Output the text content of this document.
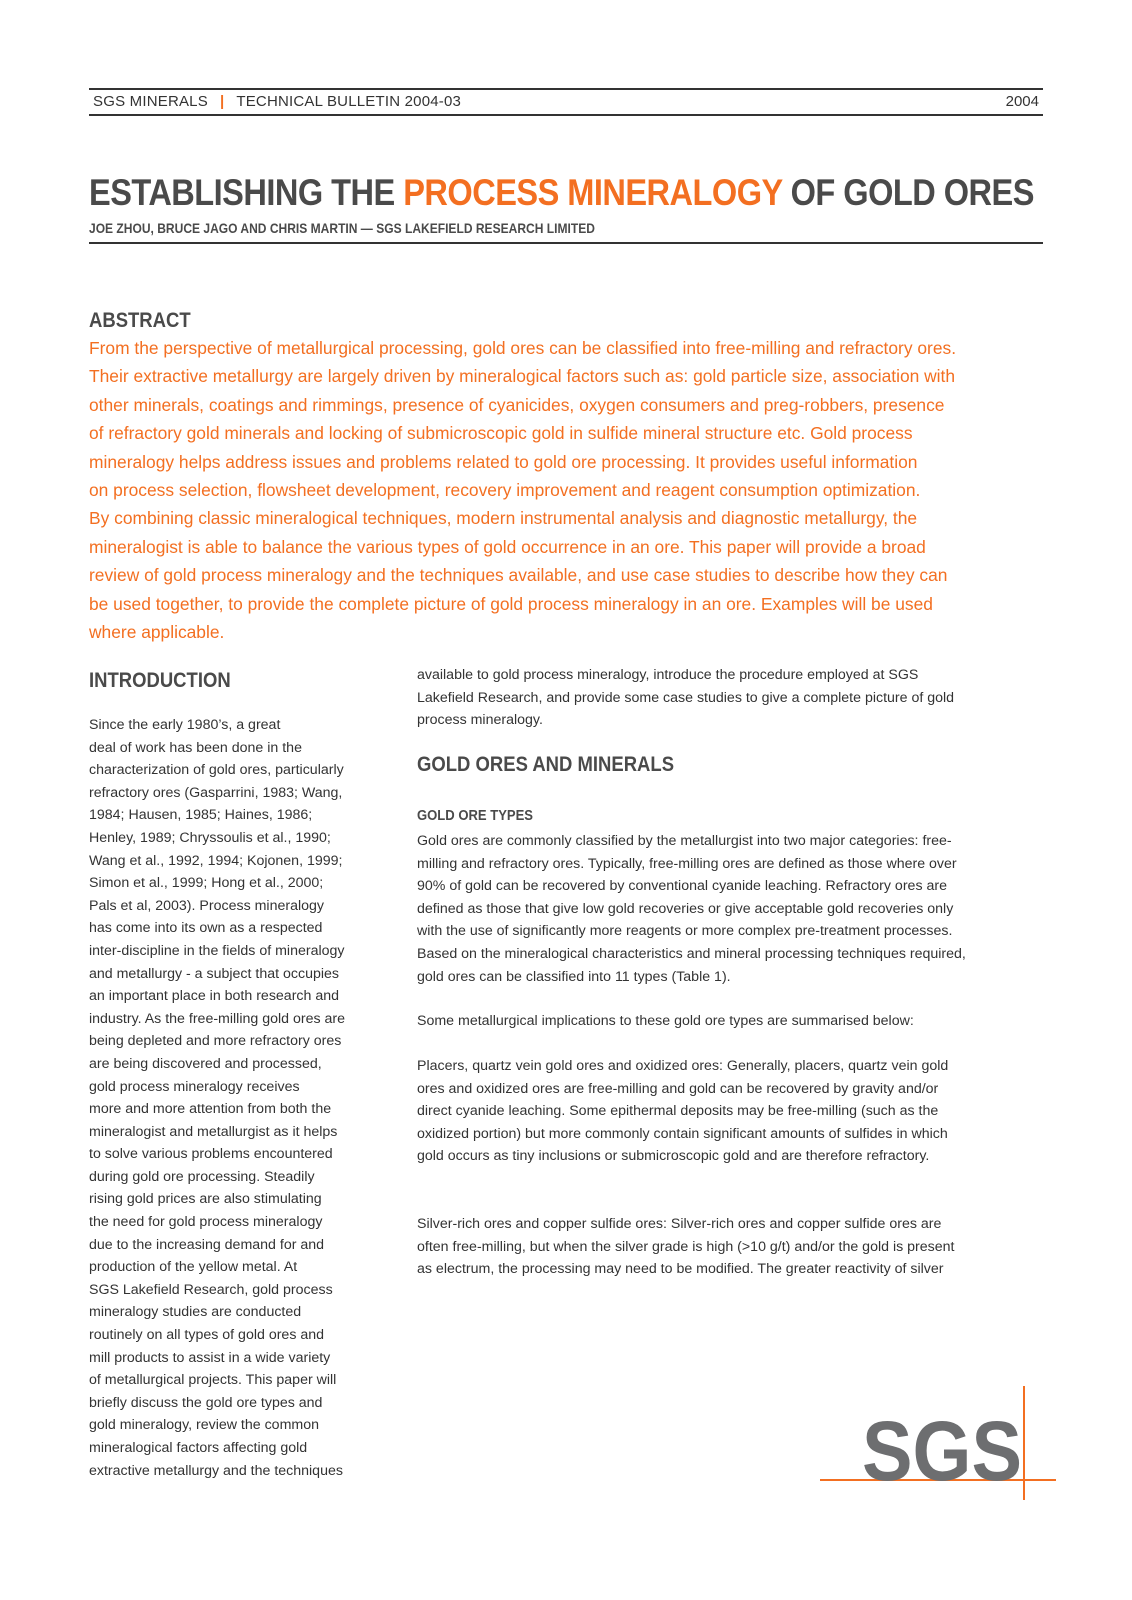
SGS MINERALS | TECHNICAL BULLETIN 2004-03	2004
ESTABLISHING THE PROCESS MINERALOGY OF GOLD ORES
JOE ZHOU, BRUCE JAGO AND CHRIS MARTIN — SGS LAKEFIELD RESEARCH LIMITED
ABSTRACT
From the perspective of metallurgical processing, gold ores can be classified into free-milling and refractory ores.
Their extractive metallurgy are largely driven by mineralogical factors such as: gold particle size, association with
other minerals, coatings and rimmings, presence of cyanicides, oxygen consumers and preg-robbers, presence
of refractory gold minerals and locking of submicroscopic gold in sulfide mineral structure etc. Gold process
mineralogy helps address issues and problems related to gold ore processing. It provides useful information
on process selection, flowsheet development, recovery improvement and reagent consumption optimization.
By combining classic mineralogical techniques, modern instrumental analysis and diagnostic metallurgy, the
mineralogist is able to balance the various types of gold occurrence in an ore. This paper will provide a broad
review of gold process mineralogy and the techniques available, and use case studies to describe how they can
be used together, to provide the complete picture of gold process mineralogy in an ore. Examples will be used
where applicable.
INTRODUCTION
Since the early 1980’s, a great
deal of work has been done in the
characterization of gold ores, particularly
refractory ores (Gasparrini, 1983; Wang,
1984; Hausen, 1985; Haines, 1986;
Henley, 1989; Chryssoulis et al., 1990;
Wang et al., 1992, 1994; Kojonen, 1999;
Simon et al., 1999; Hong et al., 2000;
Pals et al, 2003). Process mineralogy
has come into its own as a respected
inter-discipline in the fields of mineralogy
and metallurgy - a subject that occupies
an important place in both research and
industry. As the free-milling gold ores are
being depleted and more refractory ores
are being discovered and processed,
gold process mineralogy receives
more and more attention from both the
mineralogist and metallurgist as it helps
to solve various problems encountered
during gold ore processing. Steadily
rising gold prices are also stimulating
the need for gold process mineralogy
due to the increasing demand for and
production of the yellow metal. At
SGS Lakefield Research, gold process
mineralogy studies are conducted
routinely on all types of gold ores and
mill products to assist in a wide variety
of metallurgical projects. This paper will
briefly discuss the gold ore types and
gold mineralogy, review the common
mineralogical factors affecting gold
extractive metallurgy and the techniques
available to gold process mineralogy, introduce the procedure employed at SGS
Lakefield Research, and provide some case studies to give a complete picture of gold
process mineralogy.
GOLD ORES AND MINERALS
GOLD ORE TYPES
Gold ores are commonly classified by the metallurgist into two major categories: free-
milling and refractory ores. Typically, free-milling ores are defined as those where over
90% of gold can be recovered by conventional cyanide leaching. Refractory ores are
defined as those that give low gold recoveries or give acceptable gold recoveries only
with the use of significantly more reagents or more complex pre-treatment processes.
Based on the mineralogical characteristics and mineral processing techniques required,
gold ores can be classified into 11 types (Table 1).
Some metallurgical implications to these gold ore types are summarised below:
Placers, quartz vein gold ores and oxidized ores: Generally, placers, quartz vein gold
ores and oxidized ores are free-milling and gold can be recovered by gravity and/or
direct cyanide leaching. Some epithermal deposits may be free-milling (such as the
oxidized portion) but more commonly contain significant amounts of sulfides in which
gold occurs as tiny inclusions or submicroscopic gold and are therefore refractory.
Silver-rich ores and copper sulfide ores: Silver-rich ores and copper sulfide ores are
often free-milling, but when the silver grade is high (>10 g/t) and/or the gold is present
as electrum, the processing may need to be modified. The greater reactivity of silver
SGS
